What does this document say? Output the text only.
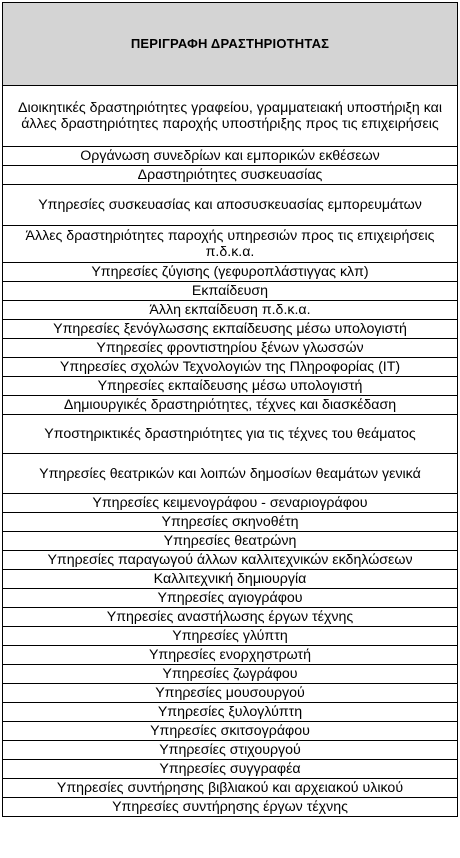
ΠΕΡΙΓΡΑΦΗ ΔΡΑΣΤΗΡΙΟΤΗΤΑΣ
Διοικητικές δραστηριότητες γραφείου, γραμματειακή υποστήριξη και άλλες δραστηριότητες παροχής υποστήριξης προς τις επιχειρήσεις
Οργάνωση συνεδρίων και εμπορικών εκθέσεων
Δραστηριότητες συσκευασίας
Υπηρεσίες συσκευασίας και αποσυσκευασίας εμπορευμάτων
Άλλες δραστηριότητες παροχής υπηρεσιών προς τις επιχειρήσεις π.δ.κ.α.
Υπηρεσίες ζύγισης (γεφυροπλάστιγγας κλπ)
Εκπαίδευση
Άλλη εκπαίδευση π.δ.κ.α.
Υπηρεσίες ξενόγλωσσης εκπαίδευσης μέσω υπολογιστή
Υπηρεσίες φροντιστηρίου ξένων γλωσσών
Υπηρεσίες σχολών Τεχνολογιών της Πληροφορίας (IT)
Υπηρεσίες εκπαίδευσης μέσω υπολογιστή
Δημιουργικές δραστηριότητες, τέχνες και διασκέδαση
Υποστηρικτικές δραστηριότητες για τις τέχνες του θεάματος
Υπηρεσίες θεατρικών και λοιπών δημοσίων θεαμάτων γενικά
Υπηρεσίες κειμενογράφου - σεναριογράφου
Υπηρεσίες σκηνοθέτη
Υπηρεσίες θεατρώνη
Υπηρεσίες παραγωγού άλλων καλλιτεχνικών εκδηλώσεων
Καλλιτεχνική δημιουργία
Υπηρεσίες αγιογράφου
Υπηρεσίες αναστήλωσης έργων τέχνης
Υπηρεσίες γλύπτη
Υπηρεσίες ενορχηστρωτή
Υπηρεσίες ζωγράφου
Υπηρεσίες μουσουργού
Υπηρεσίες ξυλογλύπτη
Υπηρεσίες σκιτσογράφου
Υπηρεσίες στιχουργού
Υπηρεσίες συγγραφέα
Υπηρεσίες συντήρησης βιβλιακού και αρχειακού υλικού
Υπηρεσίες συντήρησης έργων τέχνης
